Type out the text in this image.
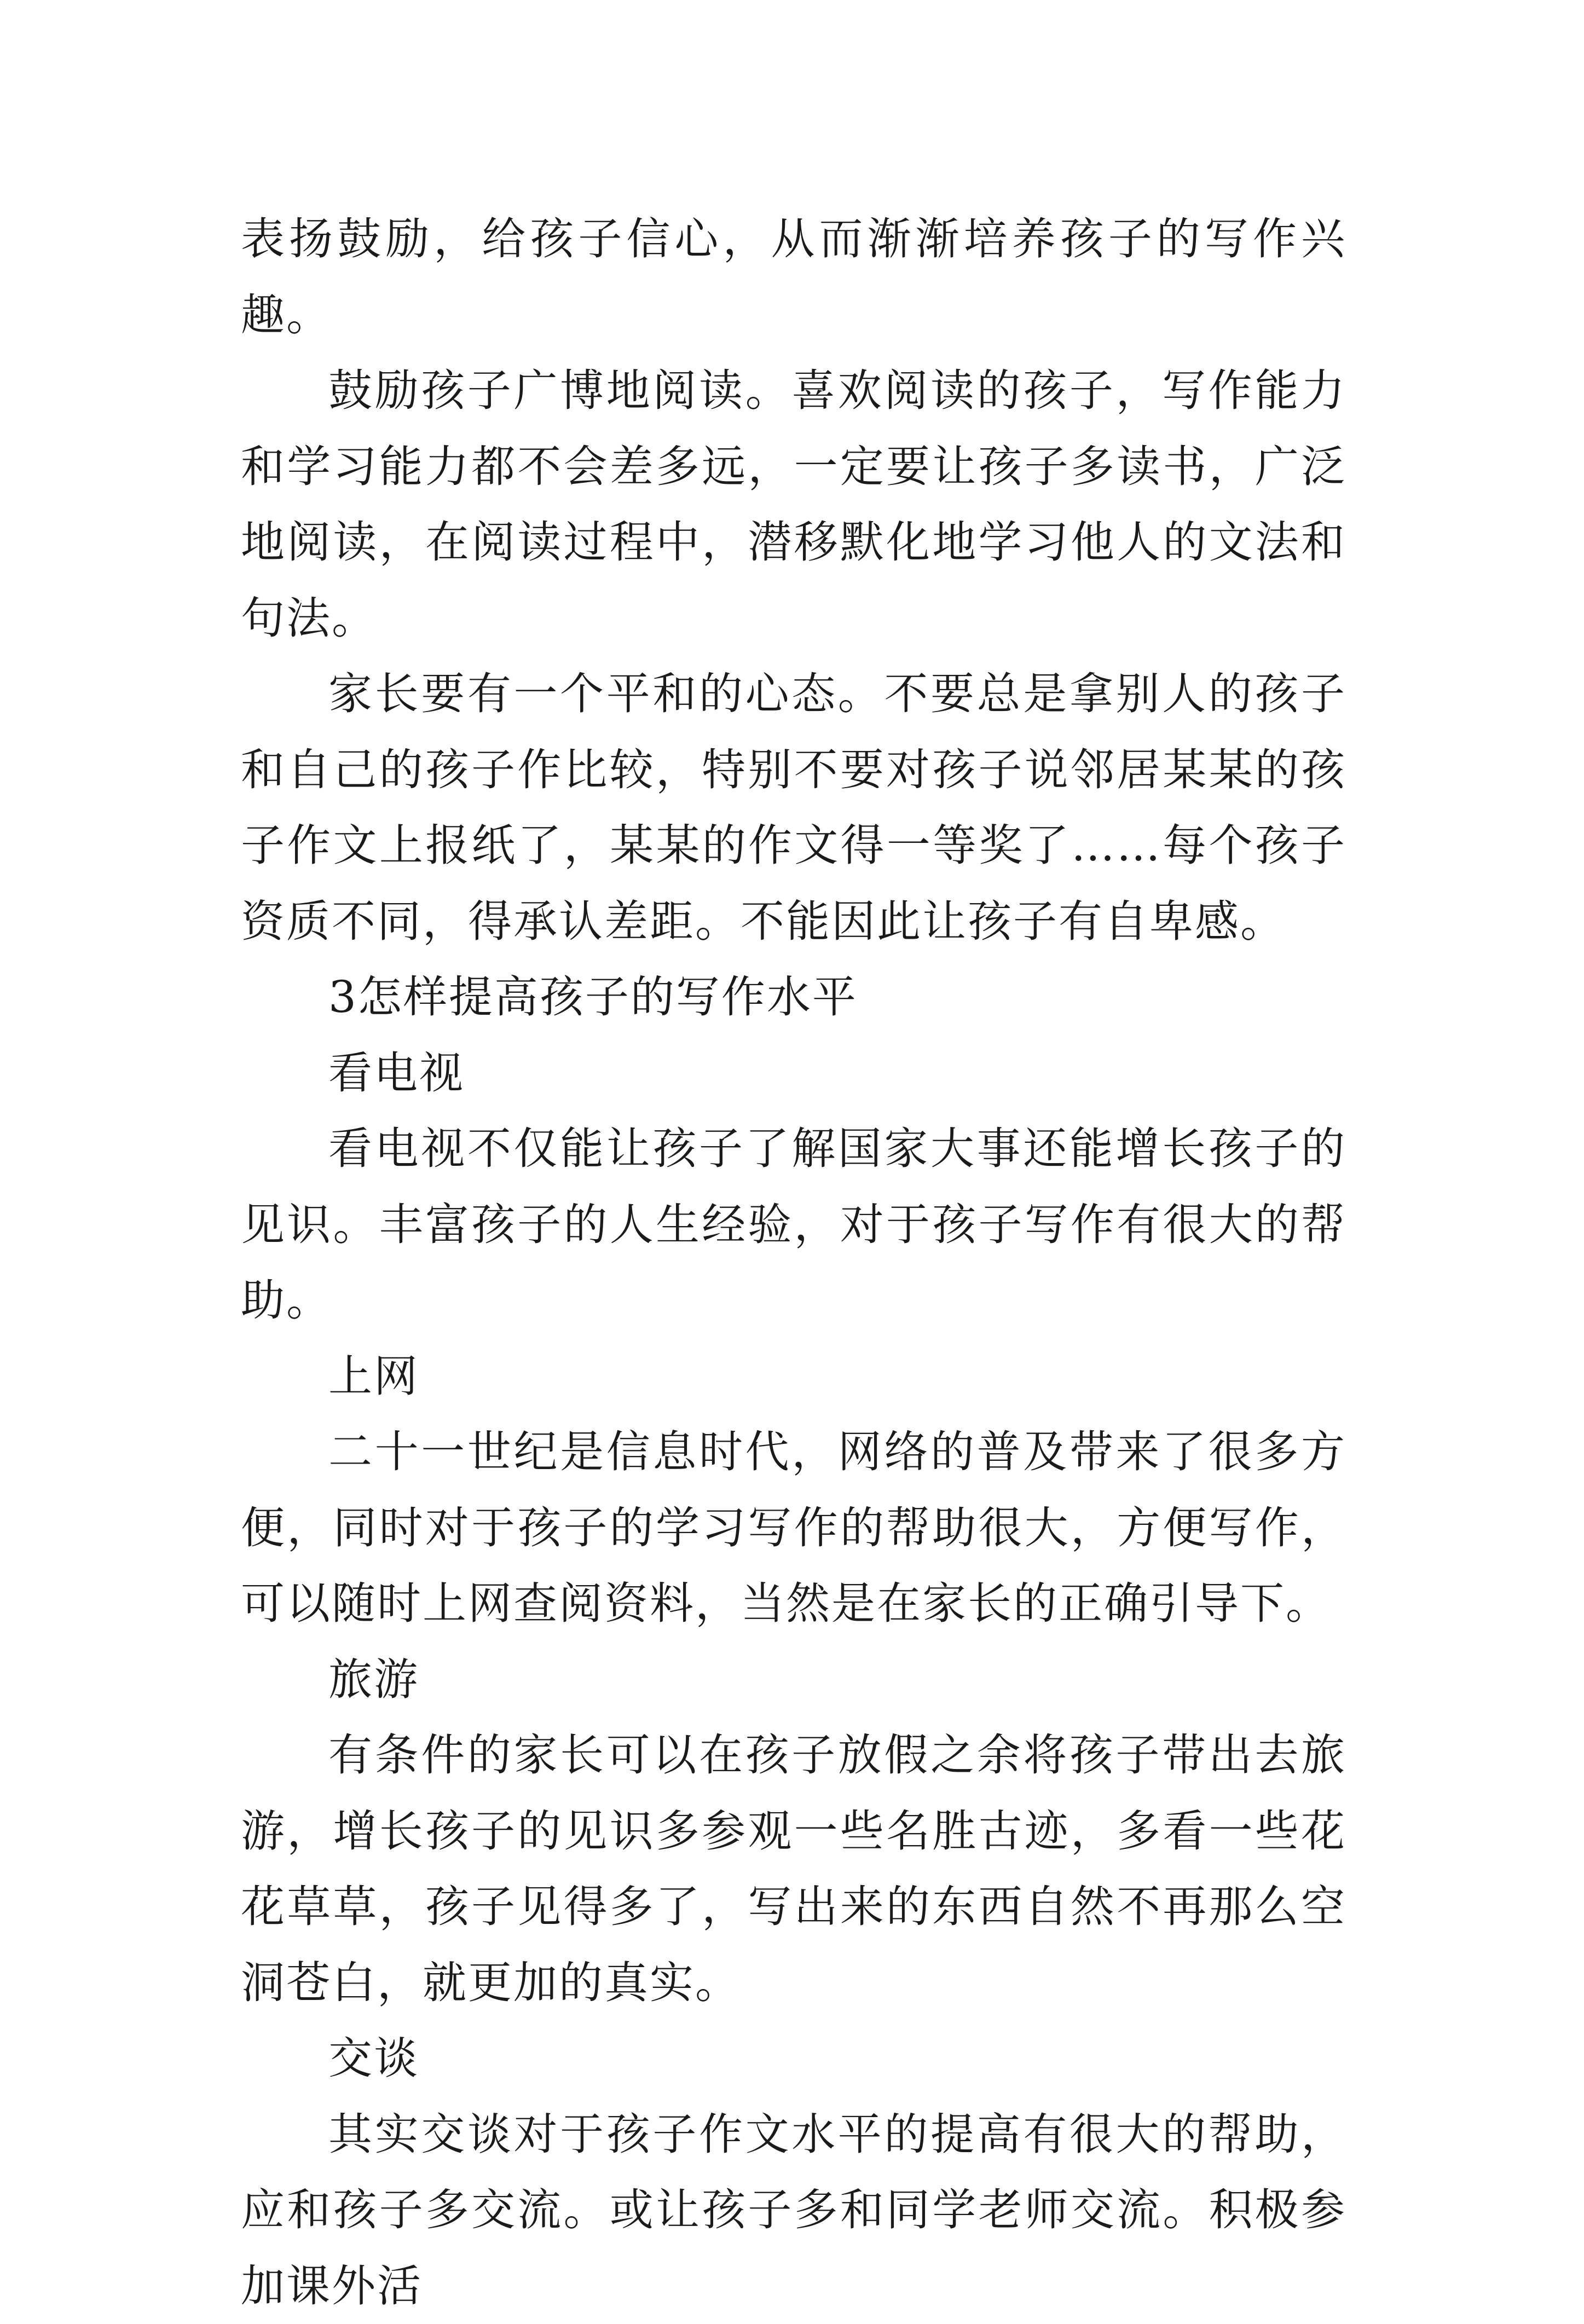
表扬鼓励，给孩子信心，从而渐渐培养孩子的写作兴趣。

鼓励孩子广博地阅读。喜欢阅读的孩子，写作能力和学习能力都不会差多远，一定要让孩子多读书，广泛地阅读，在阅读过程中，潜移默化地学习他人的文法和句法。

家长要有一个平和的心态。不要总是拿别人的孩子和自己的孩子作比较，特别不要对孩子说邻居某某的孩子作文上报纸了，某某的作文得一等奖了……每个孩子资质不同，得承认差距。不能因此让孩子有自卑感。

3怎样提高孩子的写作水平

看电视

看电视不仅能让孩子了解国家大事还能增长孩子的见识。丰富孩子的人生经验，对于孩子写作有很大的帮助。

上网

二十一世纪是信息时代，网络的普及带来了很多方便，同时对于孩子的学习写作的帮助很大，方便写作，可以随时上网查阅资料，当然是在家长的正确引导下。

旅游

有条件的家长可以在孩子放假之余将孩子带出去旅游，增长孩子的见识多参观一些名胜古迹，多看一些花花草草，孩子见得多了，写出来的东西自然不再那么空洞苍白，就更加的真实。

交谈

其实交谈对于孩子作文水平的提高有很大的帮助，应和孩子多交流。或让孩子多和同学老师交流。积极参加课外活
